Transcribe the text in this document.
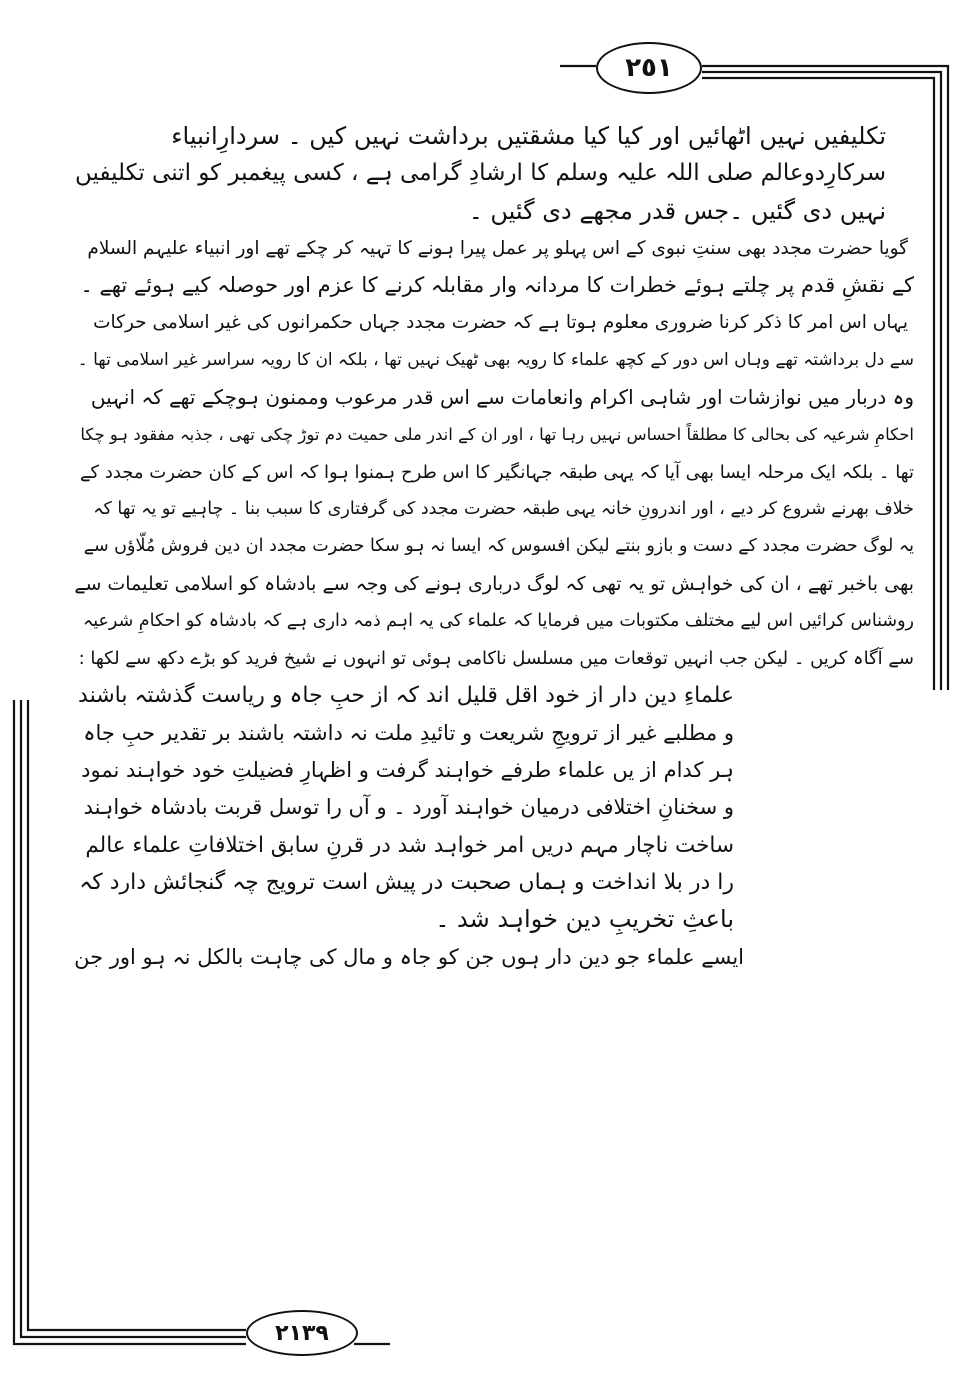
٢٥١
٢١٣٩

تکلیفیں نہیں اٹھائیں اور کیا کیا مشقتیں برداشت نہیں کیں ۔ سردارِانبیاء

سرکارِدوعالم صلی اللہ علیہ وسلم کا ارشادِ گرامی ہے ، کسی پیغمبر کو اتنی تکلیفیں

نہیں دی گئیں ۔جس قدر مجھے دی گئیں ۔

گویا حضرت مجدد بھی سنتِ نبوی کے اس پہلو پر عمل پیرا ہونے کا تہیہ کر چکے تھے اور انبیاء علیہم السلام

کے نقشِ قدم پر چلتے ہوئے خطرات کا مردانہ وار مقابلہ کرنے کا عزم اور حوصلہ کیے ہوئے تھے ۔

یہاں اس امر کا ذکر کرنا ضروری معلوم ہوتا ہے کہ حضرت مجدد جہاں حکمرانوں کی غیر اسلامی حرکات

سے دل برداشتہ تھے وہاں اس دور کے کچھ علماء کا رویہ بھی ٹھیک نہیں تھا ، بلکہ ان کا رویہ سراسر غیر اسلامی تھا ۔

وہ دربار میں نوازشات اور شاہی اکرام وانعامات سے اس قدر مرعوب وممنون ہوچکے تھے کہ انہیں

احکامِ شرعیہ کی بحالی کا مطلقاً احساس نہیں رہا تھا ، اور ان کے اندر ملی حمیت دم توڑ چکی تھی ، جذبہ مفقود ہو چکا

تھا ۔ بلکہ ایک مرحلہ ایسا بھی آیا کہ یہی طبقہ جہانگیر کا اس طرح ہمنوا ہوا کہ اس کے کان حضرت مجدد کے

خلاف بھرنے شروع کر دیے ، اور اندرونِ خانہ یہی طبقہ حضرت مجدد کی گرفتاری کا سبب بنا ۔ چاہیے تو یہ تھا کہ

یہ لوگ حضرت مجدد کے دست و بازو بنتے لیکن افسوس کہ ایسا نہ ہو سکا حضرت مجدد ان دین فروش مُلّاؤں سے

بھی باخبر تھے ، ان کی خواہش تو یہ تھی کہ لوگ درباری ہونے کی وجہ سے بادشاہ کو اسلامی تعلیمات سے

روشناس کرائیں اس لیے مختلف مکتوبات میں فرمایا کہ علماء کی یہ اہم ذمہ داری ہے کہ بادشاہ کو احکامِ شرعیہ

سے آگاہ کریں ۔ لیکن جب انہیں توقعات میں مسلسل ناکامی ہوئی تو انہوں نے شیخ فرید کو بڑے دکھ سے لکھا :

علماءِ دین دار از خود اقل قلیل اند کہ از حبِ جاہ و ریاست گذشتہ باشند

و مطلبے غیر از ترویجِ شریعت و تائیدِ ملت نہ داشتہ باشند بر تقدیر حبِ جاہ

ہر کدام از یں علماء طرفے خواہند گرفت و اظہارِ فضیلتِ خود خواہند نمود

و سخنانِ اختلافی درمیان خواہند آورد ۔ و آں را توسل قربت بادشاہ خواہند

ساخت ناچار مہم دریں امر خواہد شد در قرنِ سابق اختلافاتِ علماء عالم

را در بلا انداخت و ہماں صحبت در پیش است ترویج چہ گنجائش دارد کہ

باعثِ تخریبِ دین خواہد شد ۔

ایسے علماء جو دین دار ہوں جن کو جاہ و مال کی چاہت بالکل نہ ہو اور جن
